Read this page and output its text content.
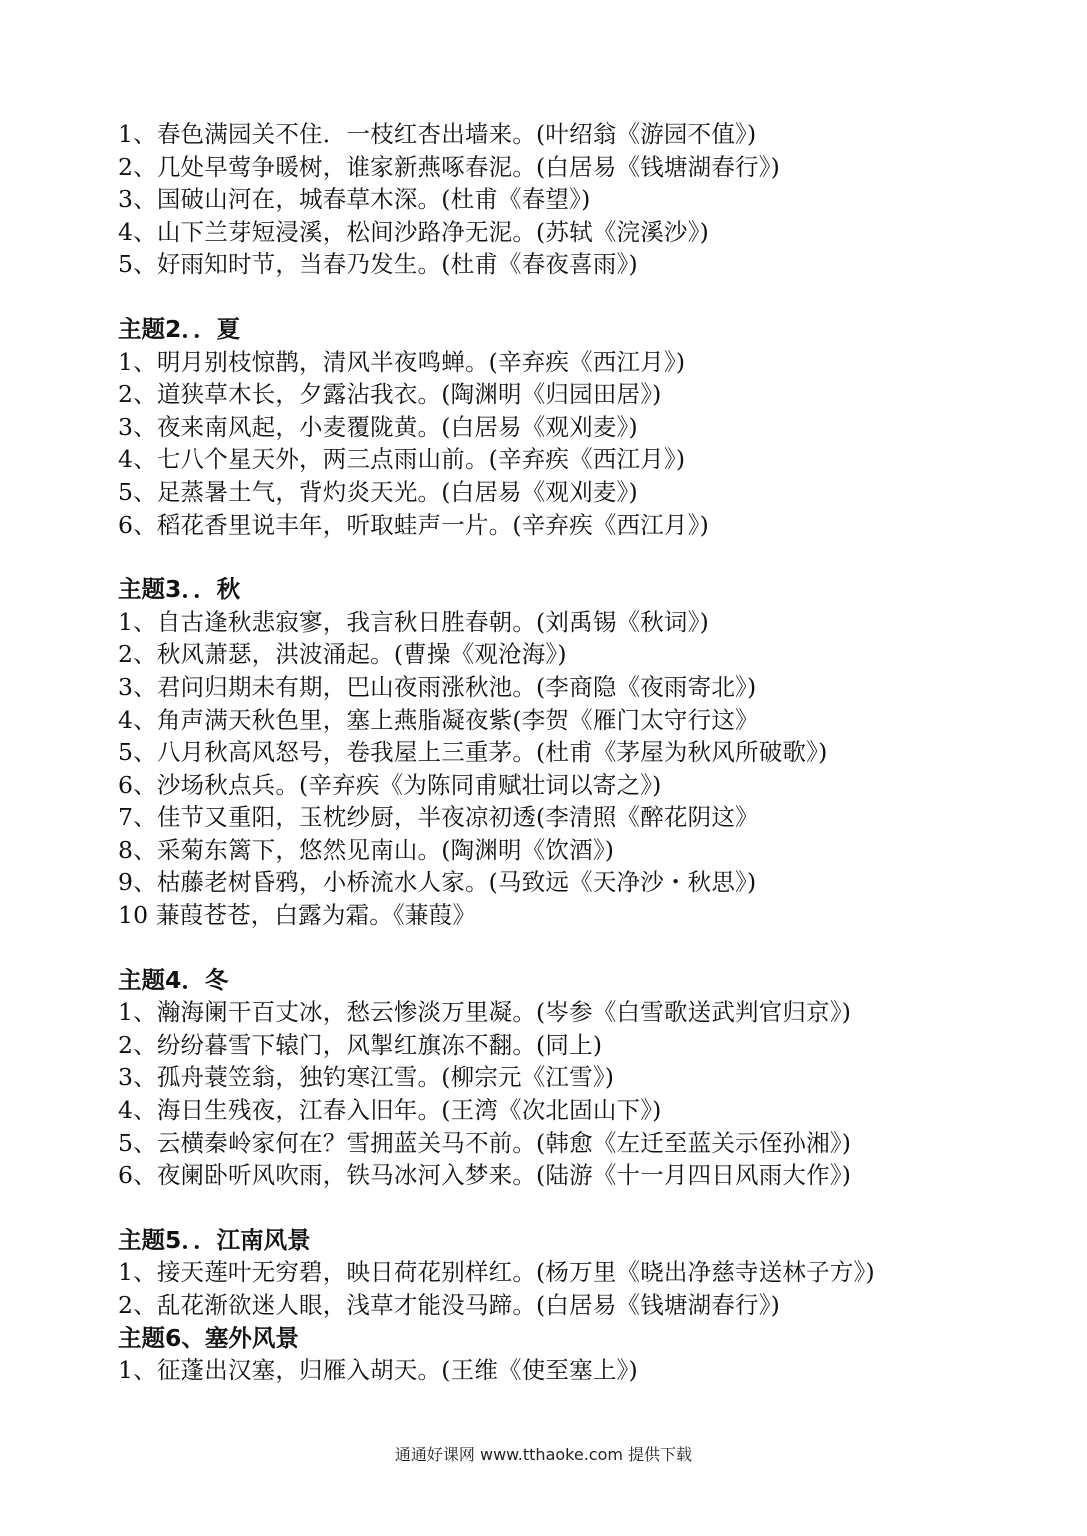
1、春色满园关不住．一枝红杏出墙来。(叶绍翁《游园不值》)
2、几处早莺争暖树，谁家新燕啄春泥。(白居易《钱塘湖春行》)
3、国破山河在，城春草木深。(杜甫《春望》)
4、山下兰芽短浸溪，松间沙路净无泥。(苏轼《浣溪沙》)
5、好雨知时节，当春乃发生。(杜甫《春夜喜雨》)
主题2．．夏
1、明月别枝惊鹊，清风半夜鸣蝉。(辛弃疾《西江月》)
2、道狭草木长，夕露沾我衣。(陶渊明《归园田居》)
3、夜来南风起，小麦覆陇黄。(白居易《观刈麦》)
4、七八个星天外，两三点雨山前。(辛弃疾《西江月》)
5、足蒸暑土气，背灼炎天光。(白居易《观刈麦》)
6、稻花香里说丰年，听取蛙声一片。(辛弃疾《西江月》)
主题3．．秋
1、自古逢秋悲寂寥，我言秋日胜春朝。(刘禹锡《秋词》)
2、秋风萧瑟，洪波涌起。(曹操《观沧海》)
3、君问归期未有期，巴山夜雨涨秋池。(李商隐《夜雨寄北》)
4、角声满天秋色里，塞上燕脂凝夜紫(李贺《雁门太守行这》
5、八月秋高风怒号，卷我屋上三重茅。(杜甫《茅屋为秋风所破歌》)
6、沙场秋点兵。(辛弃疾《为陈同甫赋壮词以寄之》)
7、佳节又重阳，玉枕纱厨，半夜凉初透(李清照《醉花阴这》
8、采菊东篱下，悠然见南山。(陶渊明《饮酒》)
9、枯藤老树昏鸦，小桥流水人家。(马致远《天净沙・秋思》)
10 蒹葭苍苍，白露为霜。《蒹葭》
主题4．冬
1、瀚海阑干百丈冰，愁云惨淡万里凝。(岑参《白雪歌送武判官归京》)
2、纷纷暮雪下辕门，风掣红旗冻不翻。(同上)
3、孤舟蓑笠翁，独钓寒江雪。(柳宗元《江雪》)
4、海日生残夜，江春入旧年。(王湾《次北固山下》)
5、云横秦岭家何在？雪拥蓝关马不前。(韩愈《左迁至蓝关示侄孙湘》)
6、夜阑卧听风吹雨，铁马冰河入梦来。(陆游《十一月四日风雨大作》)
主题5．．江南风景
1、接天莲叶无穷碧，映日荷花别样红。(杨万里《晓出净慈寺送林子方》)
2、乱花渐欲迷人眼，浅草才能没马蹄。(白居易《钱塘湖春行》)
主题6、塞外风景
1、征蓬出汉塞，归雁入胡天。(王维《使至塞上》)
通通好课网 www.tthaoke.com 提供下载
